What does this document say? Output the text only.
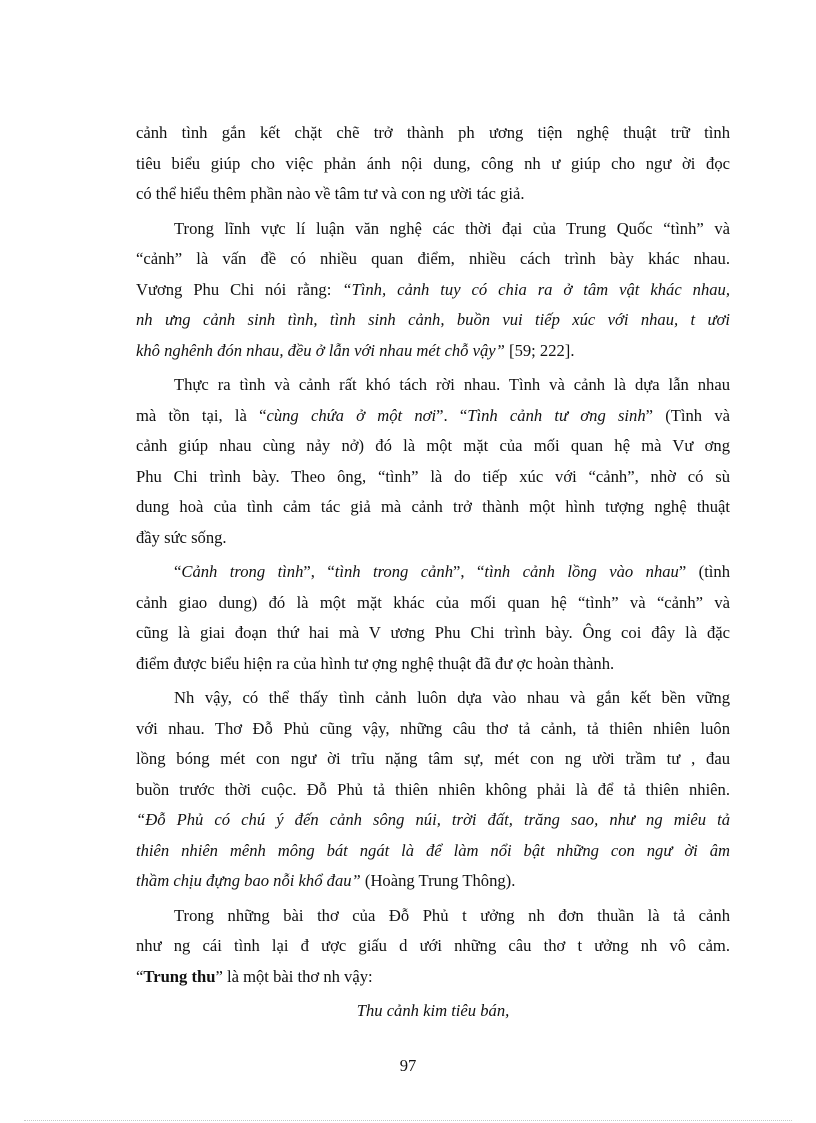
cảnh tình gắn kết chặt chẽ trở thành ph ương tiện nghệ thuật trữ tình
tiêu biểu giúp cho việc phản ánh nội dung, công nh ư giúp cho ngư ời đọc
có thể hiểu thêm phần nào về tâm tư và con ng ười tác giả.
Trong lĩnh vực lí luận văn nghệ các thời đại của Trung Quốc “tình” và
“cảnh” là vấn đề có nhiều quan điểm, nhiều cách trình bày khác nhau.
Vương Phu Chi nói rằng: “Tình, cảnh tuy có chia ra ở tâm vật khác nhau,
nh ưng cảnh sinh tình, tình sinh cảnh, buồn vui tiếp xúc với nhau, t ươi
khô nghênh đón nhau, đều ở lẫn với nhau mét chỗ vậy” [59; 222].
Thực ra tình và cảnh rất khó tách rời nhau. Tình và cảnh là dựa lẫn nhau
mà tồn tại, là “cùng chứa ở một nơi”. “Tình cảnh tư ơng sinh” (Tình và
cảnh giúp nhau cùng nảy nở) đó là một mặt của mối quan hệ mà Vư ơng
Phu Chi trình bày. Theo ông, “tình” là do tiếp xúc với “cảnh”, nhờ có sù
dung hoà của tình cảm tác giả mà cảnh trở thành một hình tượng nghệ thuật
đầy sức sống.
“Cảnh trong tình”, “tình trong cảnh”, “tình cảnh lồng vào nhau” (tình
cảnh giao dung) đó là một mặt khác của mối quan hệ “tình” và “cảnh” và
cũng là giai đoạn thứ hai mà V ương Phu Chi trình bày. Ông coi đây là đặc
điểm được biểu hiện ra của hình tư ợng nghệ thuật đã đư ợc hoàn thành.
Nh vậy, có thể thấy tình cảnh luôn dựa vào nhau và gắn kết bền vững
với nhau. Thơ Đỗ Phủ cũng vậy, những câu thơ tả cảnh, tả thiên nhiên luôn
lồng bóng mét con ngư ời trĩu nặng tâm sự, mét con ng ười trầm tư , đau
buồn trước thời cuộc. Đỗ Phủ tả thiên nhiên không phải là để tả thiên nhiên.
“Đỗ Phủ có chú ý đến cảnh sông núi, trời đất, trăng sao, như ng miêu tả
thiên nhiên mênh mông bát ngát là để làm nổi bật những con ngư ời âm
thầm chịu đựng bao nỗi khổ đau” (Hoàng Trung Thông).
Trong những bài thơ của Đỗ Phủ t ưởng nh đơn thuần là tả cảnh
như ng cái tình lại đ ược giấu d ưới những câu thơ t ưởng nh vô cảm.
“Trung thu” là một bài thơ nh vậy:
Thu cảnh kim tiêu bán,
97
